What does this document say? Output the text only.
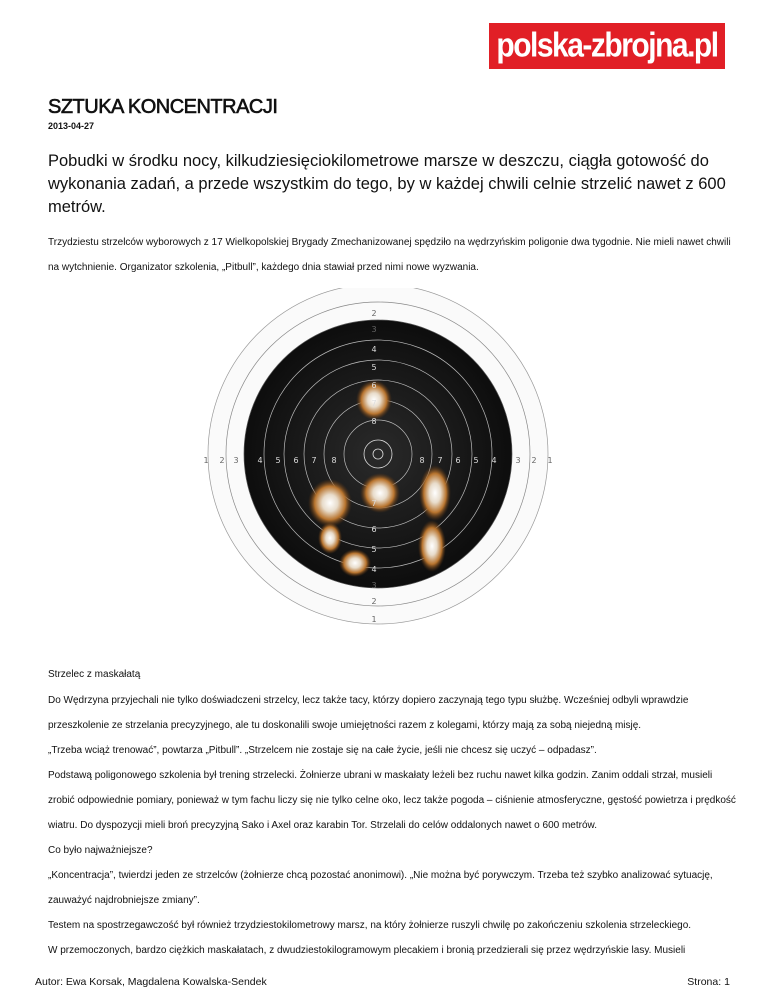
polska-zbrojna.pl
SZTUKA KONCENTRACJI
2013-04-27
Pobudki w środku nocy, kilkudziesięciokilometrowe marsze w deszczu, ciągła gotowość do wykonania zadań, a przede wszystkim do tego, by w każdej chwili celnie strzelić nawet z 600 metrów.
Trzydziestu strzelców wyborowych z 17 Wielkopolskiej Brygady Zmechanizowanej spędziło na wędrzyńskim poligonie dwa tygodnie. Nie mieli nawet chwili na wytchnienie. Organizator szkolenia, „Pitbull”, każdego dnia stawiał przed nimi nowe wyzwania.
2
3
4
5
6
7
8
7
6
5
4
3
2
1
1 2 3 4 5 6 7 8	8 7 6 5 4 3 2 1
Strzelec z maskałatą
Do Wędrzyna przyjechali nie tylko doświadczeni strzelcy, lecz także tacy, którzy dopiero zaczynają tego typu służbę. Wcześniej odbyli wprawdzie przeszkolenie ze strzelania precyzyjnego, ale tu doskonalili swoje umiejętności razem z kolegami, którzy mają za sobą niejedną misję.
„Trzeba wciąż trenować”, powtarza „Pitbull”. „Strzelcem nie zostaje się na całe życie, jeśli nie chcesz się uczyć – odpadasz”.
Podstawą poligonowego szkolenia był trening strzelecki. Żołnierze ubrani w maskałaty leżeli bez ruchu nawet kilka godzin. Zanim oddali strzał, musieli zrobić odpowiednie pomiary, ponieważ w tym fachu liczy się nie tylko celne oko, lecz także pogoda – ciśnienie atmosferyczne, gęstość powietrza i prędkość wiatru. Do dyspozycji mieli broń precyzyjną Sako i Axel oraz karabin Tor. Strzelali do celów oddalonych nawet o 600 metrów.
Co było najważniejsze?
„Koncentracja”, twierdzi jeden ze strzelców (żołnierze chcą pozostać anonimowi). „Nie można być porywczym. Trzeba też szybko analizować sytuację, zauważyć najdrobniejsze zmiany”.
Testem na spostrzegawczość był również trzydziestokilometrowy marsz, na który żołnierze ruszyli chwilę po zakończeniu szkolenia strzeleckiego.
W przemoczonych, bardzo ciężkich maskałatach, z dwudziestokilogramowym plecakiem i bronią przedzierali się przez wędrzyńskie lasy. Musieli
Autor: Ewa Korsak, Magdalena Kowalska-Sendek	Strona: 1
